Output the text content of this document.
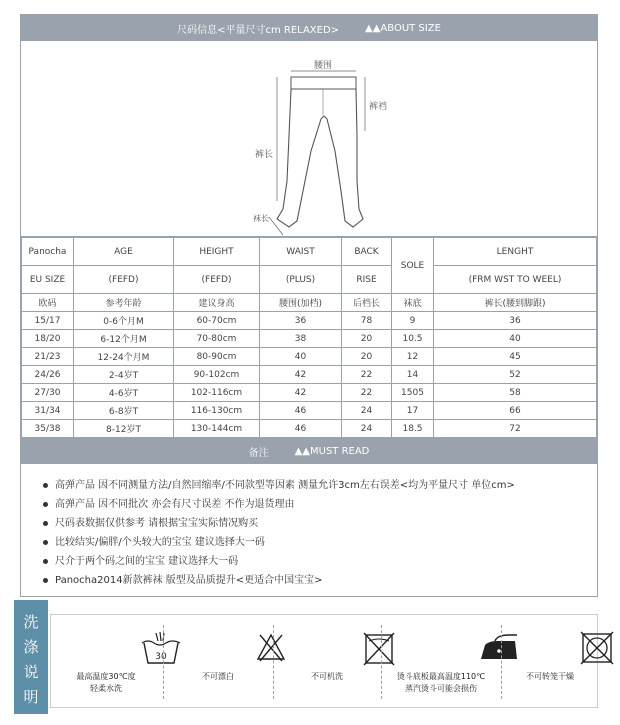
尺码信息<平量尺寸cm RELAXED>	▲▲ABOUT SIZE
腰围
裤裆
裤长
袜长
Panocha	AGE	HEIGHT	WAIST	BACK	SOLE	LENGHT
EU SIZE	(FEFD)	(FEFD)	(PLUS)	RISE		(FRM WST TO WEEL)
欧码	参考年龄	建议身高	腰围(加档)	后档长	袜底	裤长(腰到脚跟)
15/17	0-6个月M	60-70cm	36	78	9	36
18/20	6-12个月M	70-80cm	38	20	10.5	40
21/23	12-24个月M	80-90cm	40	20	12	45
24/26	2-4岁T	90-102cm	42	22	14	52
27/30	4-6岁T	102-116cm	42	22	1505	58
31/34	6-8岁T	116-130cm	46	24	17	66
35/38	8-12岁T	130-144cm	46	24	18.5	72
备注	▲▲MUST READ
高弹产品 因不同测量方法/自然回缩率/不同款型等因素 测量允许3cm左右误差<均为平量尺寸 单位cm>
高弹产品 因不同批次 亦会有尺寸误差 不作为退货理由
尺码表数据仅供参考 请根据宝宝实际情况购买
比较结实/偏胖/个头较大的宝宝 建议选择大一码
尺介于两个码之间的宝宝 建议选择大一码
Panocha2014新款裤袜 版型及品质提升<更适合中国宝宝>
洗
涤
说
明
30
最高温度30℃度
轻柔水洗
不可漂白	不可机洗	烫斗底板最高温度110℃
蒸汽烫斗可能会损伤
不可转笼干燥
